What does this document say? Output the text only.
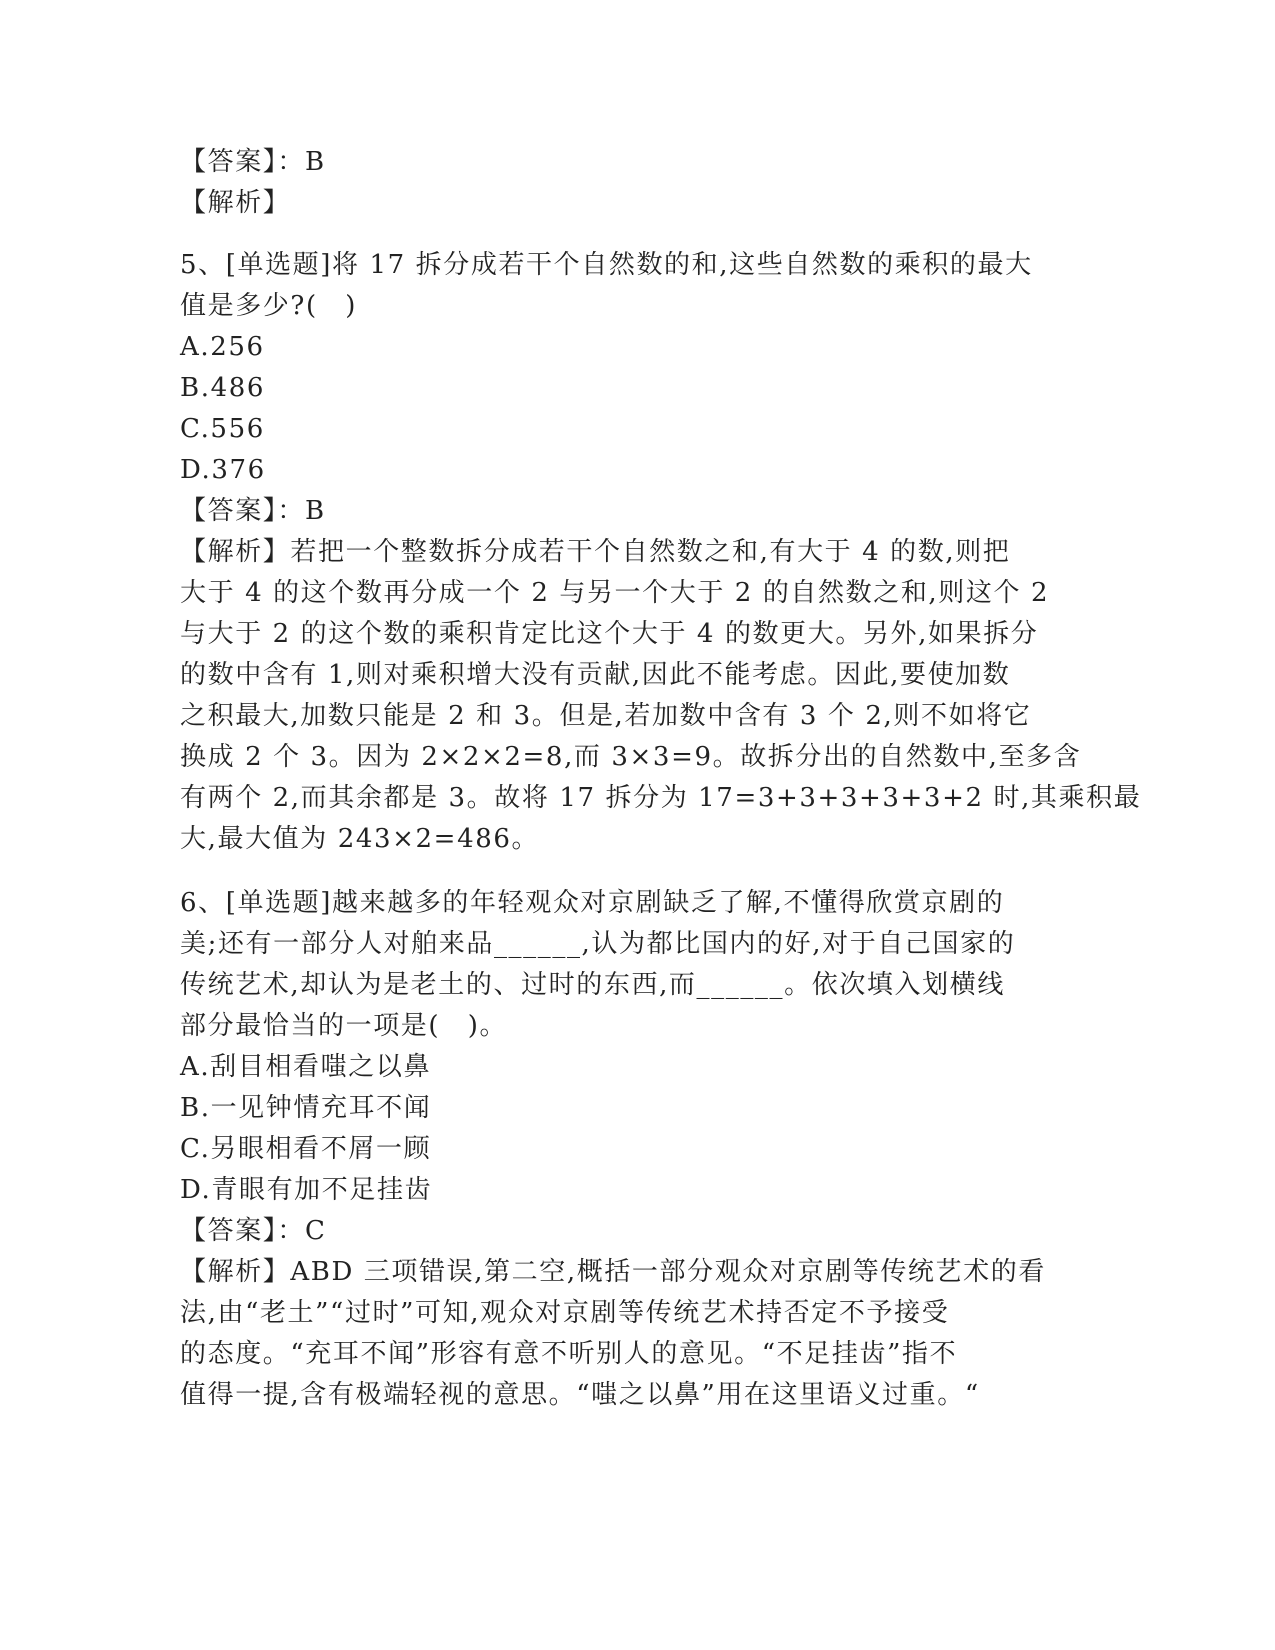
【答案】：B
【解析】
5、[单选题]将 17 拆分成若干个自然数的和,这些自然数的乘积的最大
值是多少?(　)
A.256
B.486
C.556
D.376
【答案】：B
【解析】若把一个整数拆分成若干个自然数之和,有大于 4 的数,则把
大于 4 的这个数再分成一个 2 与另一个大于 2 的自然数之和,则这个 2
与大于 2 的这个数的乘积肯定比这个大于 4 的数更大。另外,如果拆分
的数中含有 1,则对乘积增大没有贡献,因此不能考虑。因此,要使加数
之积最大,加数只能是 2 和 3。但是,若加数中含有 3 个 2,则不如将它
换成 2 个 3。因为 2×2×2=8,而 3×3=9。故拆分出的自然数中,至多含
有两个 2,而其余都是 3。故将 17 拆分为 17=3+3+3+3+3+2 时,其乘积最
大,最大值为 243×2=486。
6、[单选题]越来越多的年轻观众对京剧缺乏了解,不懂得欣赏京剧的
美;还有一部分人对舶来品______,认为都比国内的好,对于自己国家的
传统艺术,却认为是老土的、过时的东西,而______。依次填入划横线
部分最恰当的一项是(　)。
A.刮目相看嗤之以鼻
B.一见钟情充耳不闻
C.另眼相看不屑一顾
D.青眼有加不足挂齿
【答案】：C
【解析】ABD 三项错误,第二空,概括一部分观众对京剧等传统艺术的看
法,由“老土”“过时”可知,观众对京剧等传统艺术持否定不予接受
的态度。“充耳不闻”形容有意不听别人的意见。“不足挂齿”指不
值得一提,含有极端轻视的意思。“嗤之以鼻”用在这里语义过重。“
